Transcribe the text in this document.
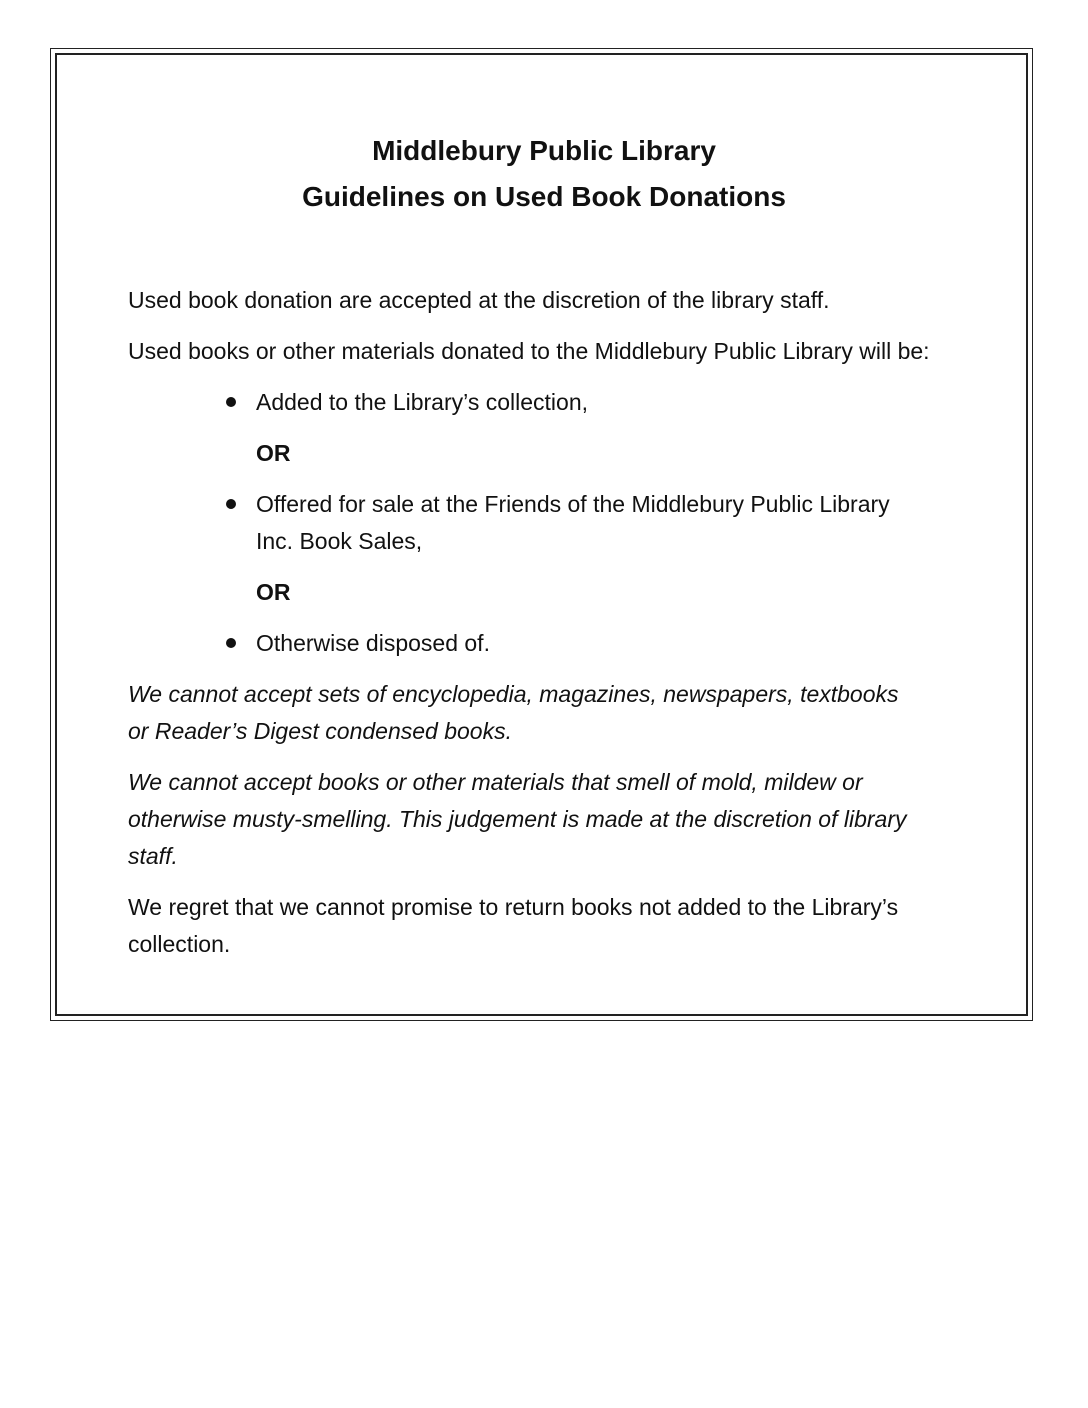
Middlebury Public Library
Guidelines on Used Book Donations

Used book donation are accepted at the discretion of the library staff.

Used books or other materials donated to the Middlebury Public Library will be:

Added to the Library’s collection,
OR
Offered for sale at the Friends of the Middlebury Public Library Inc. Book Sales,
OR
Otherwise disposed of.

We cannot accept sets of encyclopedia, magazines, newspapers, textbooks or Reader’s Digest condensed books.

We cannot accept books or other materials that smell of mold, mildew or otherwise musty-smelling. This judgement is made at the discretion of library staff.

We regret that we cannot promise to return books not added to the Library’s collection.
